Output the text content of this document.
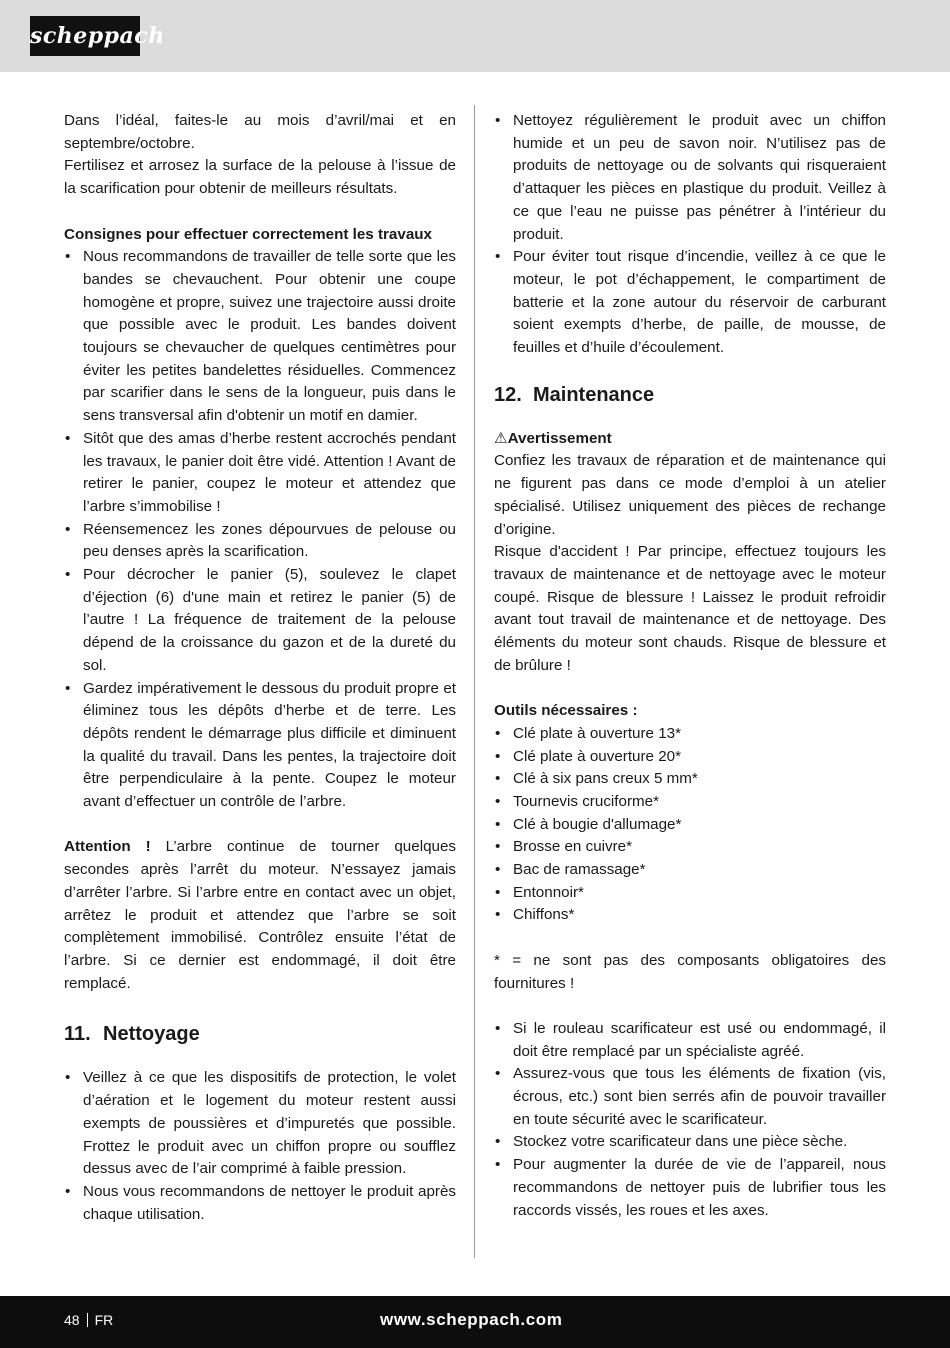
scheppach

Dans l’idéal, faites-le au mois d’avril/mai et en septembre/octobre.

Fertilisez et arrosez la surface de la pelouse à l’issue de la scarification pour obtenir de meilleurs résultats.

Consignes pour effectuer correctement les travaux

• Nous recommandons de travailler de telle sorte que les bandes se chevauchent. Pour obtenir une coupe homogène et propre, suivez une trajectoire aussi droite que possible avec le produit. Les bandes doivent toujours se chevaucher de quelques centimètres pour éviter les petites bandelettes résiduelles. Commencez par scarifier dans le sens de la longueur, puis dans le sens transversal afin d'obtenir un motif en damier.
• Sitôt que des amas d’herbe restent accrochés pendant les travaux, le panier doit être vidé. Attention ! Avant de retirer le panier, coupez le moteur et attendez que l’arbre s’immobilise !
• Réensemencez les zones dépourvues de pelouse ou peu denses après la scarification.
• Pour décrocher le panier (5), soulevez le clapet d’éjection (6) d'une main et retirez le panier (5) de l’autre ! La fréquence de traitement de la pelouse dépend de la croissance du gazon et de la dureté du sol.
• Gardez impérativement le dessous du produit propre et éliminez tous les dépôts d’herbe et de terre. Les dépôts rendent le démarrage plus difficile et diminuent la qualité du travail. Dans les pentes, la trajectoire doit être perpendiculaire à la pente. Coupez le moteur avant d’effectuer un contrôle de l’arbre.

Attention ! L’arbre continue de tourner quelques secondes après l’arrêt du moteur. N’essayez jamais d’arrêter l’arbre. Si l’arbre entre en contact avec un objet, arrêtez le produit et attendez que l’arbre se soit complètement immobilisé. Contrôlez ensuite l’état de l’arbre. Si ce dernier est endommagé, il doit être remplacé.

11. Nettoyage
• Veillez à ce que les dispositifs de protection, le volet d’aération et le logement du moteur restent aussi exempts de poussières et d’impuretés que possible. Frottez le produit avec un chiffon propre ou soufflez dessus avec de l’air comprimé à faible pression.
• Nous vous recommandons de nettoyer le produit après chaque utilisation.
• Nettoyez régulièrement le produit avec un chiffon humide et un peu de savon noir. N’utilisez pas de produits de nettoyage ou de solvants qui risqueraient d’attaquer les pièces en plastique du produit. Veillez à ce que l’eau ne puisse pas pénétrer à l’intérieur du produit.
• Pour éviter tout risque d’incendie, veillez à ce que le moteur, le pot d’échappement, le compartiment de batterie et la zone autour du réservoir de carburant soient exempts d’herbe, de paille, de mousse, de feuilles et d’huile d’écoulement.
12. Maintenance

⚠Avertissement

Confiez les travaux de réparation et de maintenance qui ne figurent pas dans ce mode d’emploi à un atelier spécialisé. Utilisez uniquement des pièces de rechange d’origine.

Risque d'accident ! Par principe, effectuez toujours les travaux de maintenance et de nettoyage avec le moteur coupé. Risque de blessure ! Laissez le produit refroidir avant tout travail de maintenance et de nettoyage. Des éléments du moteur sont chauds. Risque de blessure et de brûlure !

Outils nécessaires :

• Clé plate à ouverture 13*
• Clé plate à ouverture 20*
• Clé à six pans creux 5 mm*
• Tournevis cruciforme*
• Clé à bougie d'allumage*
• Brosse en cuivre*
• Bac de ramassage*
• Entonnoir*
• Chiffons*

* = ne sont pas des composants obligatoires des fournitures !

• Si le rouleau scarificateur est usé ou endommagé, il doit être remplacé par un spécialiste agréé.
• Assurez-vous que tous les éléments de fixation (vis, écrous, etc.) sont bien serrés afin de pouvoir travailler en toute sécurité avec le scarificateur.
• Stockez votre scarificateur dans une pièce sèche.
• Pour augmenter la durée de vie de l’appareil, nous recommandons de nettoyer puis de lubrifier tous les raccords vissés, les roues et les axes.
48 FR	www.scheppach.com
